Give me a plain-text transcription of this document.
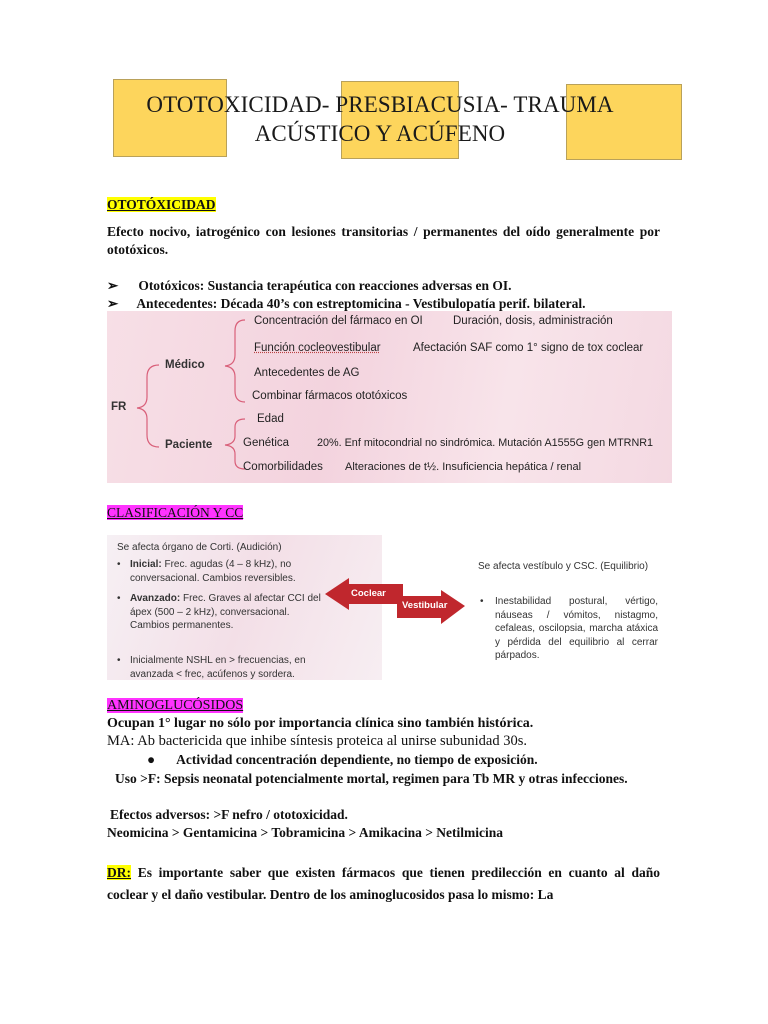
OTOTOXICIDAD- PRESBIACUSIA- TRAUMA
ACÚSTICO Y ACÚFENO
OTOTÓXICIDAD
Efecto nocivo, iatrogénico con lesiones transitorias / permanentes del oído generalmente por ototóxicos.
➢ Ototóxicos: Sustancia terapéutica con reacciones adversas en OI.
➢ Antecedentes: Década 40’s con estreptomicina - Vestibulopatía perif. bilateral.
FR
Médico
Paciente
Concentración del fármaco en OI	Duración, dosis, administración
Función cocleovestibular	Afectación SAF como 1° signo de tox coclear
Antecedentes de AG
Combinar fármacos ototóxicos
Edad
Genética	20%. Enf mitocondrial no sindrómica. Mutación A1555G gen MTRNR1
Comorbilidades Alteraciones de t½. Insuficiencia hepática / renal
CLASIFICACIÓN Y CC
Se afecta órgano de Corti. (Audición)
• Inicial: Frec. agudas (4 – 8 kHz), no conversacional. Cambios reversibles.
• Avanzado: Frec. Graves al afectar CCI del ápex (500 – 2 kHz), conversacional. Cambios permanentes.
• Inicialmente NSHL en > frecuencias, en avanzada < frec, acúfenos y sordera.
Coclear
Vestibular
Se afecta vestíbulo y CSC. (Equilibrio)
• Inestabilidad postural, vértigo, náuseas / vómitos, nistagmo, cefaleas, oscilopsia, marcha atáxica y pérdida del equilibrio al cerrar párpados.
AMINOGLUCÓSIDOS
Ocupan 1° lugar no sólo por importancia clínica sino también histórica.
MA: Ab bactericida que inhibe síntesis proteica al unirse subunidad 30s.
● Actividad concentración dependiente, no tiempo de exposición.
Uso >F: Sepsis neonatal potencialmente mortal, regimen para Tb MR y otras infecciones.
Efectos adversos: >F nefro / ototoxicidad.
Neomicina > Gentamicina > Tobramicina > Amikacina > Netilmicina
DR: Es importante saber que existen fármacos que tienen predilección en cuanto al daño coclear y el daño vestibular. Dentro de los aminoglucosidos pasa lo mismo: La
